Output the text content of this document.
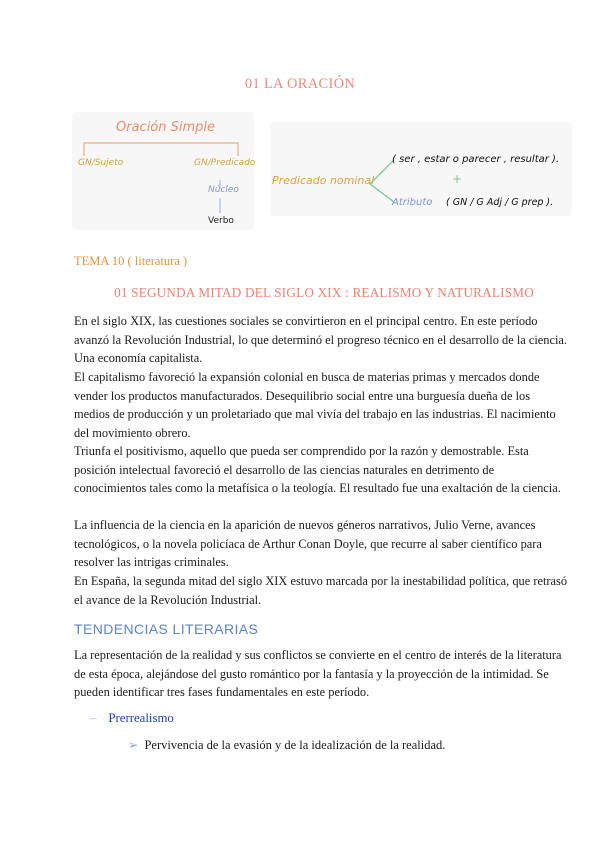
01 LA ORACIÓN
Oración Simple
GN/Sujeto	GN/Predicado
Núcleo
Verbo
Predicado nominal
( ser , estar o parecer , resultar ).
+
Atributo ( GN / G Adj / G prep ).
TEMA 10 ( literatura )
01 SEGUNDA MITAD DEL SIGLO XIX : REALISMO Y NATURALISMO

En el siglo XIX, las cuestiones sociales se convirtieron en el principal centro. En este período avanzó la Revolución Industrial, lo que determinó el progreso técnico en el desarrollo de la ciencia. Una economía capitalista.

El capitalismo favoreció la expansión colonial en busca de materias primas y mercados donde vender los productos manufacturados. Desequilibrio social entre una burguesía dueña de los medios de producción y un proletariado que mal vivía del trabajo en las industrias. El nacimiento del movimiento obrero.

Triunfa el positivismo, aquello que pueda ser comprendido por la razón y demostrable. Esta posición intelectual favoreció el desarrollo de las ciencias naturales en detrimento de conocimientos tales como la metafísica o la teología. El resultado fue una exaltación de la ciencia.

La influencia de la ciencia en la aparición de nuevos géneros narrativos, Julio Verne, avances tecnológicos, o la novela policíaca de Arthur Conan Doyle, que recurre al saber científico para resolver las intrigas criminales.

En España, la segunda mitad del siglo XIX estuvo marcada por la inestabilidad política, que retrasó el avance de la Revolución Industrial.

TENDENCIAS LITERARIAS

La representación de la realidad y sus conflictos se convierte en el centro de interés de la literatura de esta época, alejándose del gusto romántico por la fantasía y la proyección de la intimidad. Se pueden identificar tres fases fundamentales en este período.

– Prerrealismo
➢ Pervivencia de la evasión y de la idealización de la realidad.
